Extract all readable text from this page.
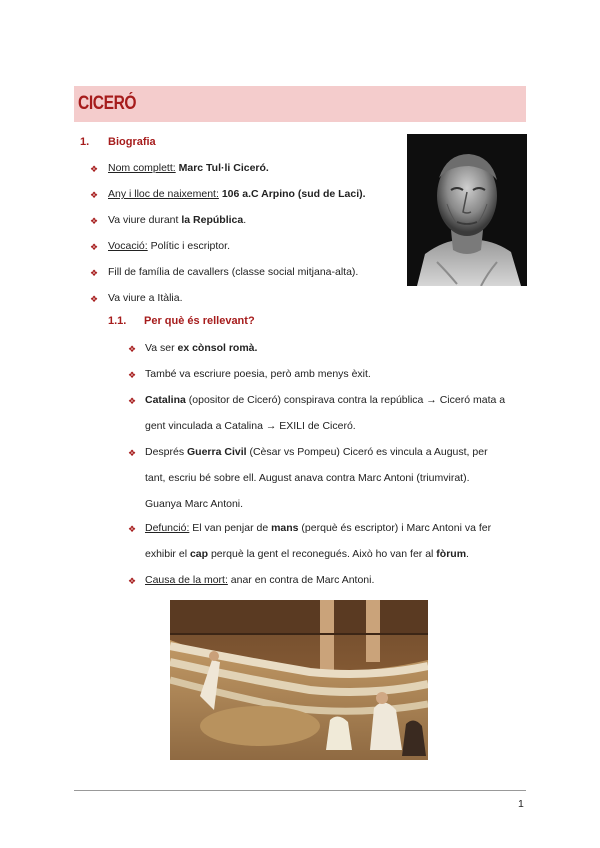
CICERÓ
1. Biografia
❖ Nom complett: Marc Tul·li Ciceró.
❖ Any i lloc de naixement: 106 a.C Arpino (sud de Laci).
❖ Va viure durant la República.
❖ Vocació: Polític i escriptor.
❖ Fill de família de cavallers (classe social mitjana-alta).
❖ Va viure a Itàlia.
1.1. Per què és rellevant?
❖ Va ser ex cònsol romà.
❖ També va escriure poesia, però amb menys èxit.
❖ Catalina (opositor de Ciceró) conspirava contra la república → Ciceró mata a
gent vinculada a Catalina → EXILI de Ciceró.
❖ Després Guerra Civil (Cèsar vs Pompeu) Ciceró es vincula a August, per
tant, escriu bé sobre ell. August anava contra Marc Antoni (triumvirat).
Guanya Marc Antoni.
❖ Defunció: El van penjar de mans (perquè és escriptor) i Marc Antoni va fer
exhibir el cap perquè la gent el reconegués. Això ho van fer al fòrum.
❖ Causa de la mort: anar en contra de Marc Antoni.
1
